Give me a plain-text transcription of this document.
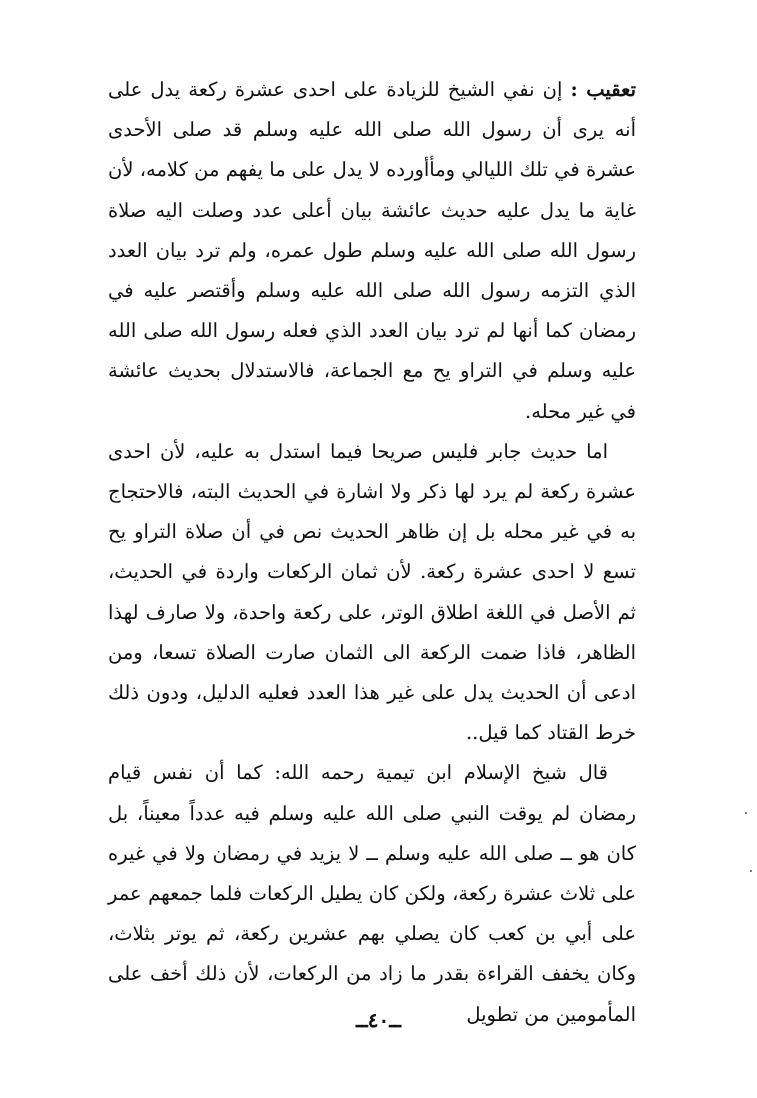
تعقيب : إن نفي الشيخ للزيادة على احدى عشرة ركعة يدل على أنه يرى أن رسول الله صلى الله عليه وسلم قد صلى الأحدى عشرة في تلك الليالي ومأأورده لا يدل على ما يفهم من كلامه، لأن غاية ما يدل عليه حديث عائشة بيان أعلى عدد وصلت اليه صلاة رسول الله صلى الله عليه وسلم طول عمره، ولم ترد بيان العدد الذي التزمه رسول الله صلى الله عليه وسلم وأقتصر عليه في رمضان كما أنها لم ترد بيان العدد الذي فعله رسول الله صلى الله عليه وسلم في التراو يح مع الجماعة، فالاستدلال بحديث عائشة في غير محله.

اما حديث جابر فليس صريحا فيما استدل به عليه، لأن احدى عشرة ركعة لم يرد لها ذكر ولا اشارة في الحديث البته، فالاحتجاج به في غير محله بل إن ظاهر الحديث نص في أن صلاة التراو يح تسع لا احدى عشرة ركعة. لأن ثمان الركعات واردة في الحديث، ثم الأصل في اللغة اطلاق الوتر، على ركعة واحدة، ولا صارف لهذا الظاهر، فاذا ضمت الركعة الى الثمان صارت الصلاة تسعا، ومن ادعى أن الحديث يدل على غير هذا العدد فعليه الدليل، ودون ذلك خرط القتاد كما قيل..

قال شيخ الإسلام ابن تيمية رحمه الله: كما أن نفس قيام رمضان لم يوقت النبي صلى الله عليه وسلم فيه عدداً معيناً، بل كان هو ــ صلى الله عليه وسلم ــ لا يزيد في رمضان ولا في غيره على ثلاث عشرة ركعة، ولكن كان يطيل الركعات فلما جمعهم عمر على أبي بن كعب كان يصلي بهم عشرين ركعة، ثم يوتر بثلاث، وكان يخفف القراءة بقدر ما زاد من الركعات، لأن ذلك أخف على المأمومين من تطويل

ــ٤٠ــ
